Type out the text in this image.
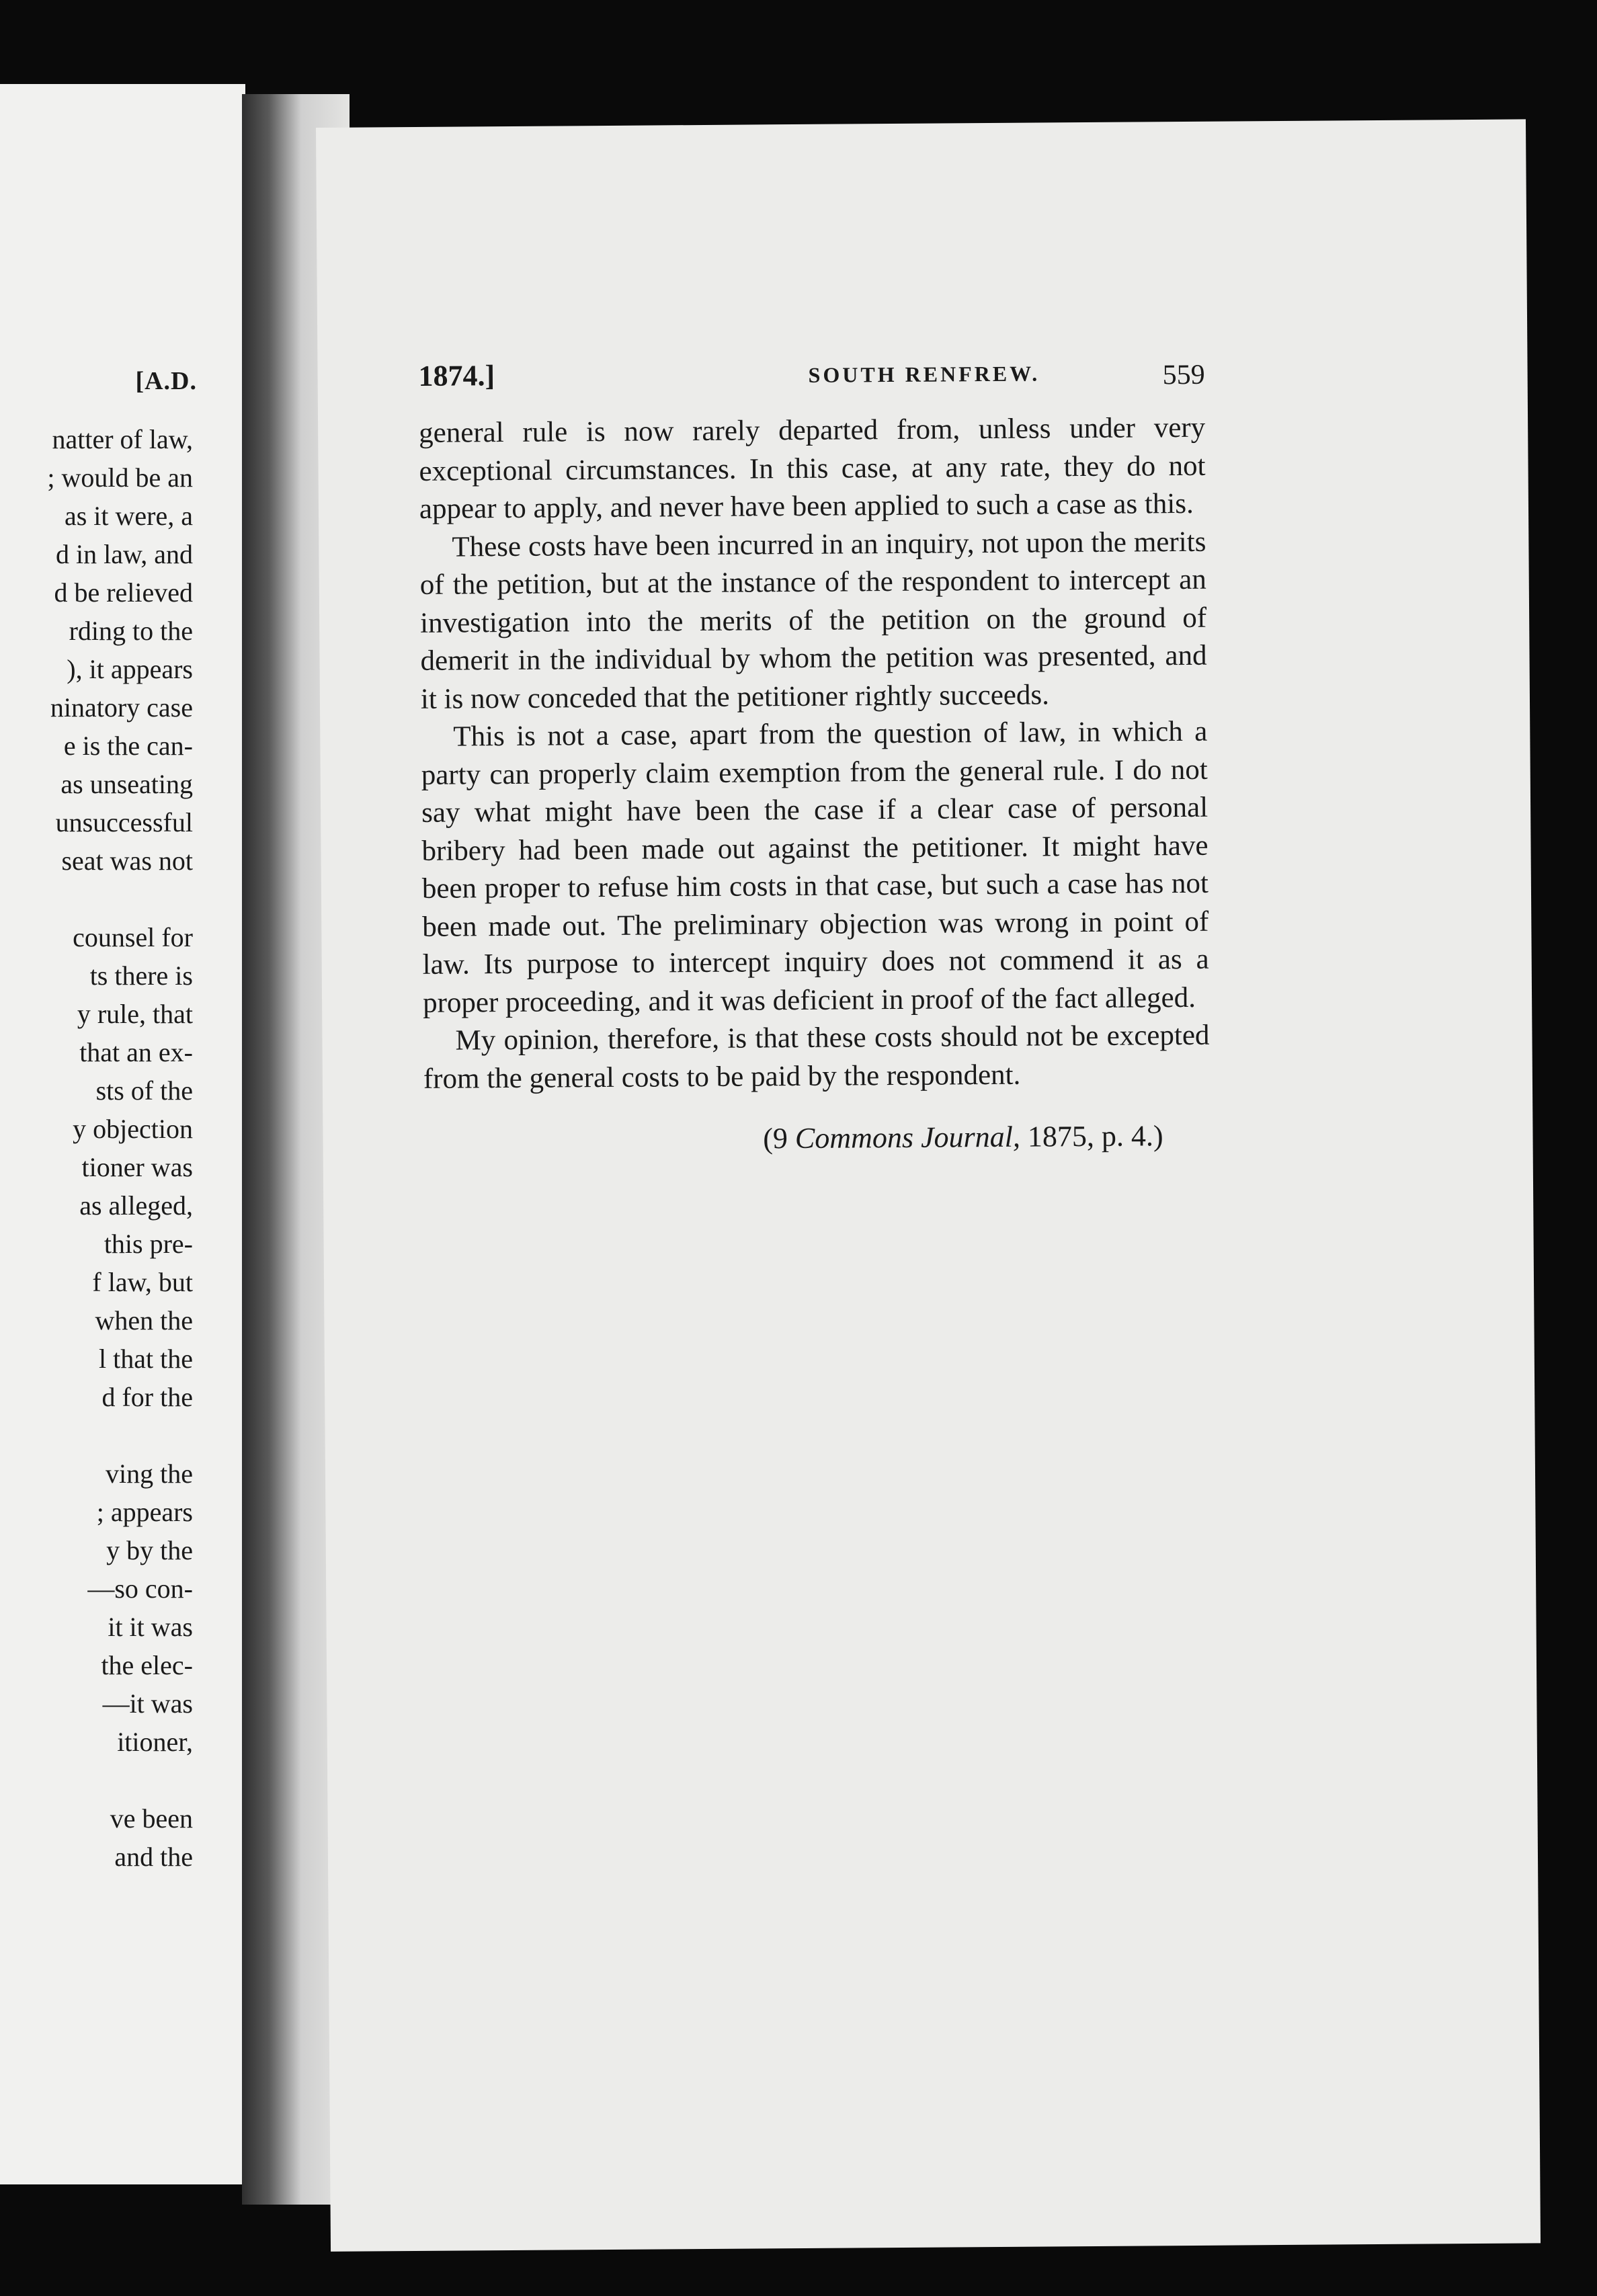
[A.D.
natter of law,
; would be an
as it were, a
d in law, and
d be relieved
rding to the
), it appears
ninatory case
e is the can-
as unseating
unsuccessful
seat was not
counsel for
ts there is
y rule, that
that an ex-
sts of the
y objection
tioner was
as alleged,
this pre-
f law, but
when the
l that the
d for the
ving the
; appears
y by the
—so con-
it it was
the elec-
—it was
itioner,
ve been
and the
1874.]	SOUTH RENFREW.	559

general rule is now rarely departed from, unless under very exceptional circumstances. In this case, at any rate, they do not appear to apply, and never have been applied to such a case as this.

These costs have been incurred in an inquiry, not upon the merits of the petition, but at the instance of the respondent to intercept an investigation into the merits of the petition on the ground of demerit in the individual by whom the petition was presented, and it is now conceded that the petitioner rightly succeeds.

This is not a case, apart from the question of law, in which a party can properly claim exemption from the general rule. I do not say what might have been the case if a clear case of personal bribery had been made out against the petitioner. It might have been proper to refuse him costs in that case, but such a case has not been made out. The preliminary objection was wrong in point of law. Its purpose to intercept inquiry does not commend it as a proper proceeding, and it was deficient in proof of the fact alleged.

My opinion, therefore, is that these costs should not be excepted from the general costs to be paid by the respondent.

(9 Commons Journal, 1875, p. 4.)
